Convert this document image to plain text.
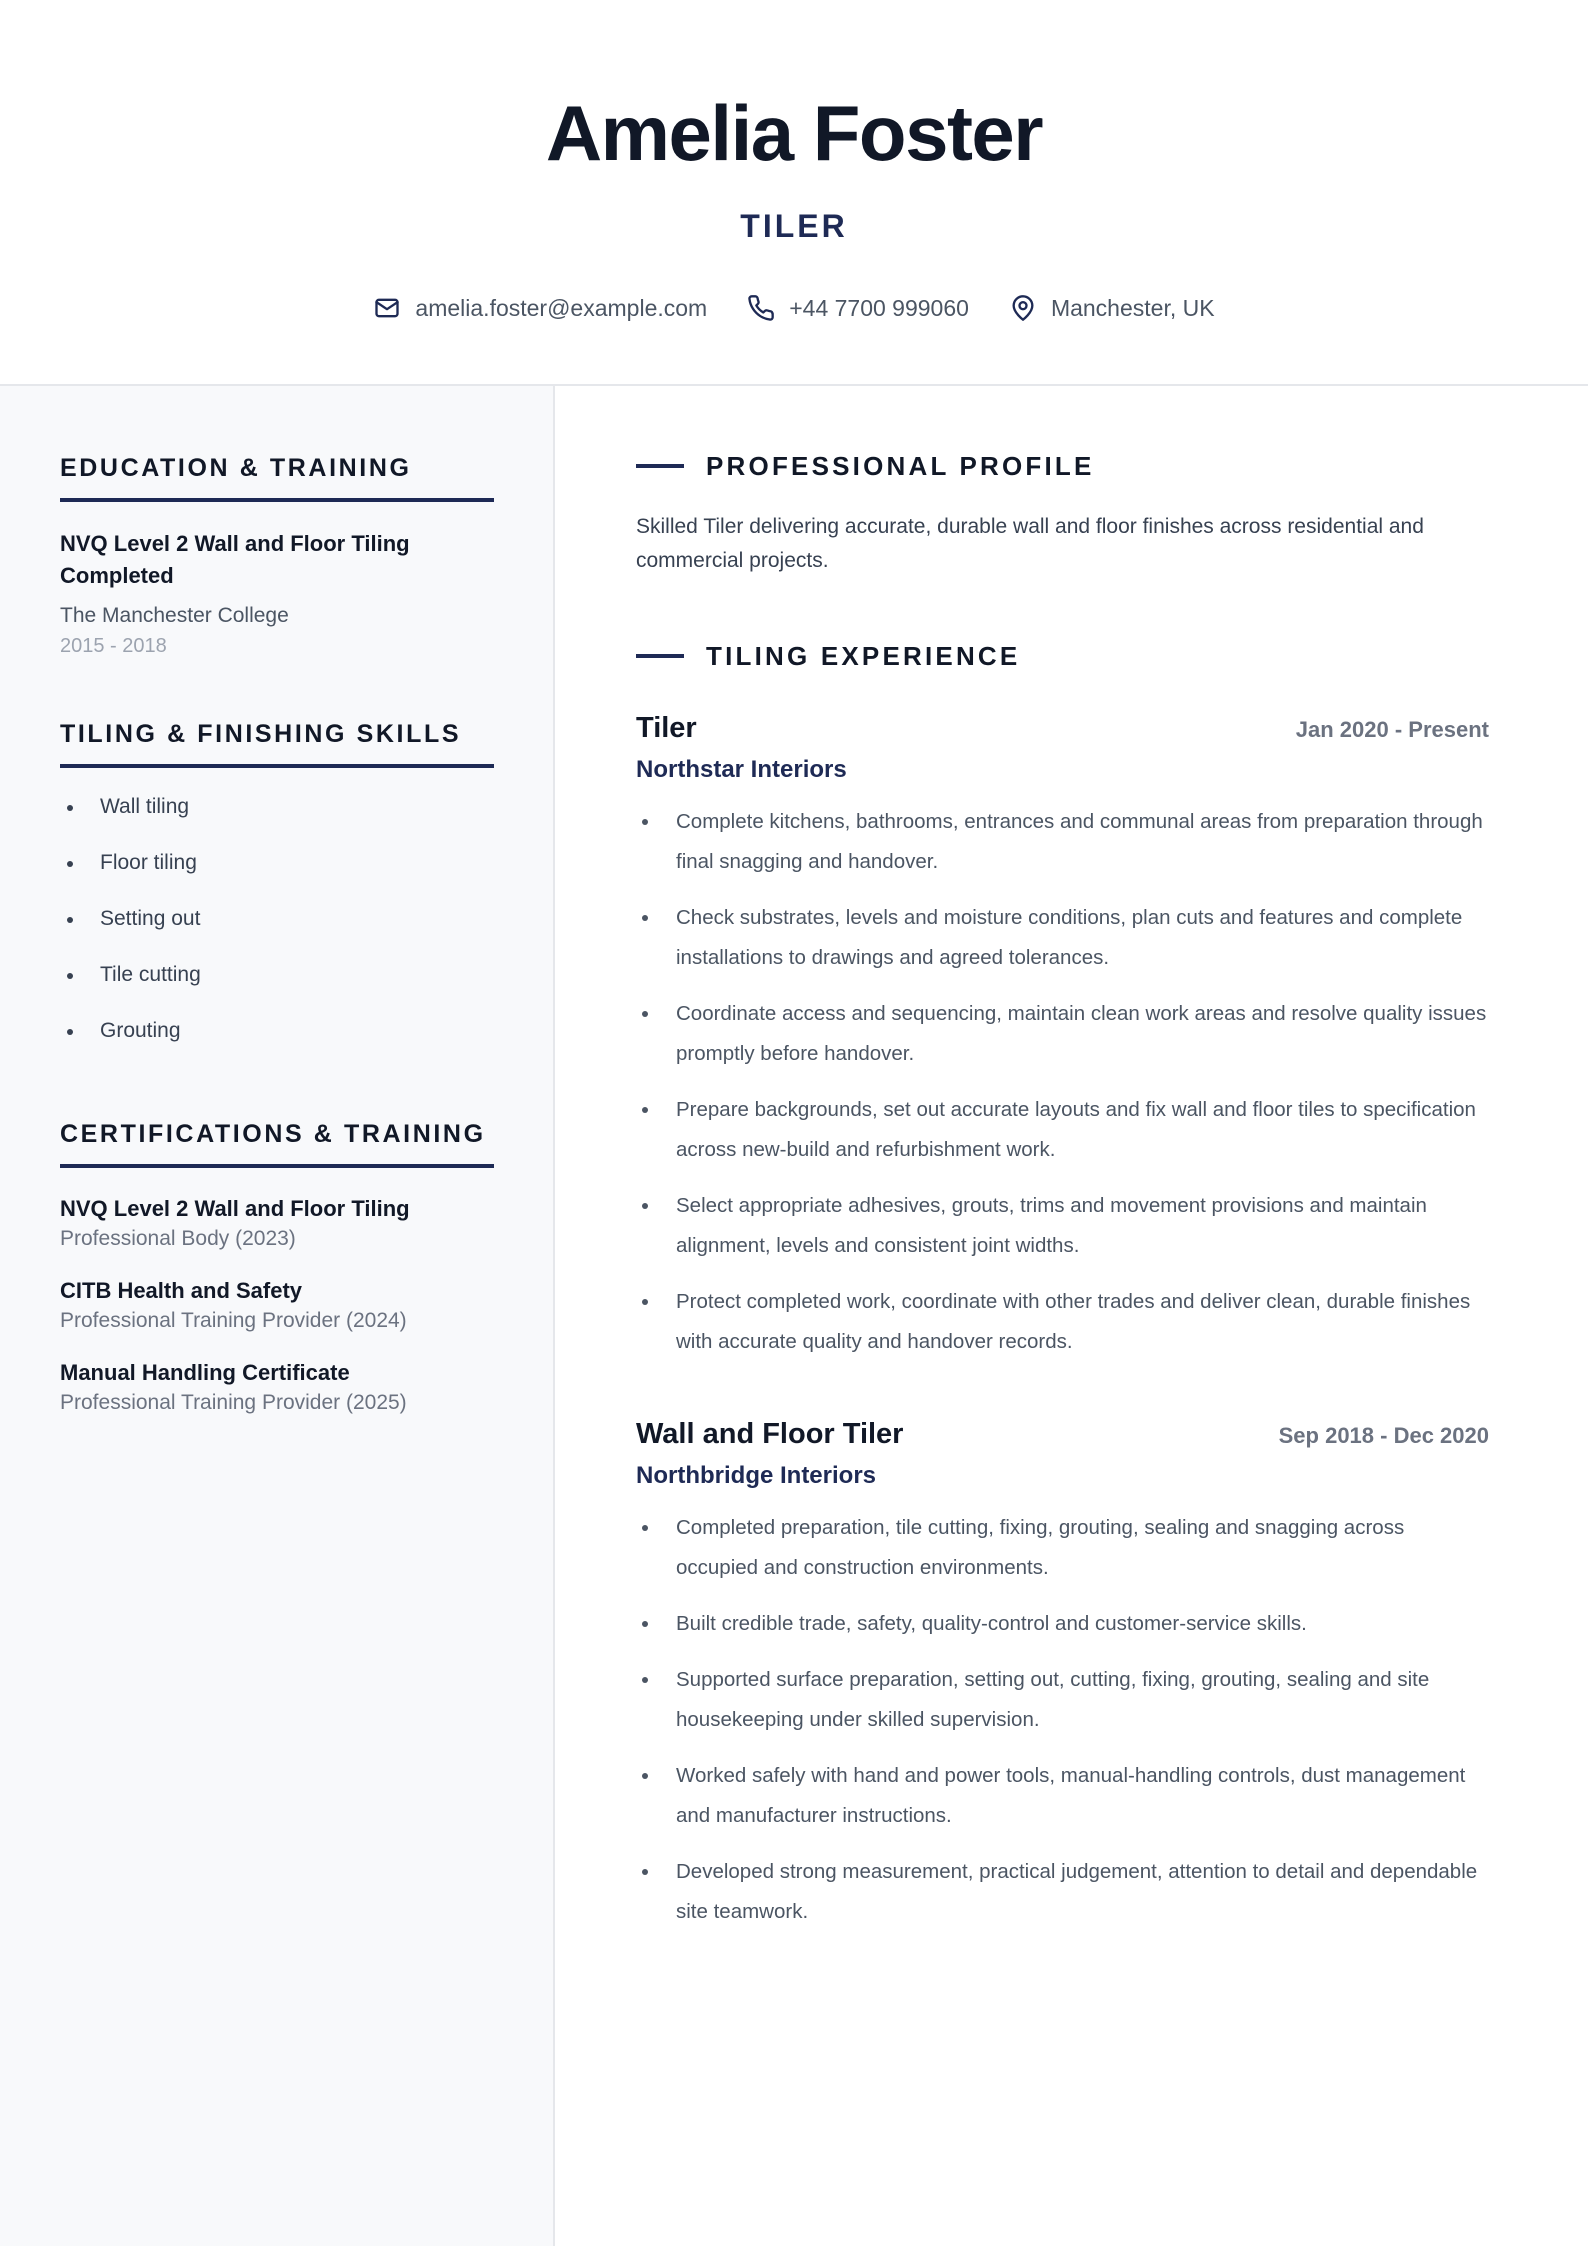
Amelia Foster
TILER
amelia.foster@example.com	+44 7700 999060	Manchester, UK
EDUCATION & TRAINING
NVQ Level 2 Wall and Floor Tiling Completed
The Manchester College
2015 - 2018
TILING & FINISHING SKILLS
Wall tiling
Floor tiling
Setting out
Tile cutting
Grouting
CERTIFICATIONS & TRAINING
NVQ Level 2 Wall and Floor Tiling
Professional Body (2023)
CITB Health and Safety
Professional Training Provider (2024)
Manual Handling Certificate
Professional Training Provider (2025)
PROFESSIONAL PROFILE

Skilled Tiler delivering accurate, durable wall and floor finishes across residential and commercial projects.

TILING EXPERIENCE
Tiler	Jan 2020 - Present
Northstar Interiors
Complete kitchens, bathrooms, entrances and communal areas from preparation through final snagging and handover.
Check substrates, levels and moisture conditions, plan cuts and features and complete installations to drawings and agreed tolerances.
Coordinate access and sequencing, maintain clean work areas and resolve quality issues promptly before handover.
Prepare backgrounds, set out accurate layouts and fix wall and floor tiles to specification across new-build and refurbishment work.
Select appropriate adhesives, grouts, trims and movement provisions and maintain alignment, levels and consistent joint widths.
Protect completed work, coordinate with other trades and deliver clean, durable finishes with accurate quality and handover records.
Wall and Floor Tiler	Sep 2018 - Dec 2020
Northbridge Interiors
Completed preparation, tile cutting, fixing, grouting, sealing and snagging across occupied and construction environments.
Built credible trade, safety, quality-control and customer-service skills.
Supported surface preparation, setting out, cutting, fixing, grouting, sealing and site housekeeping under skilled supervision.
Worked safely with hand and power tools, manual-handling controls, dust management and manufacturer instructions.
Developed strong measurement, practical judgement, attention to detail and dependable site teamwork.
